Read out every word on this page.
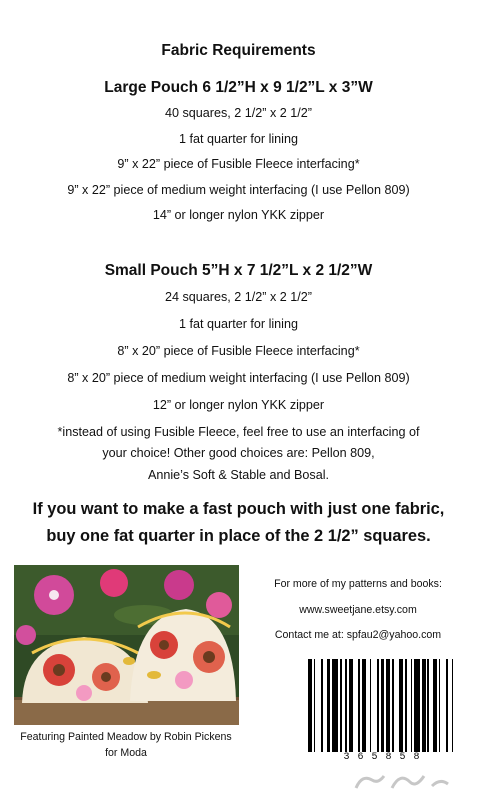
Fabric Requirements
Large Pouch 6 1/2”H x 9 1/2”L x 3”W
40 squares, 2 1/2” x 2 1/2”
1 fat quarter for lining
9” x 22” piece of Fusible Fleece interfacing*
9” x 22” piece of medium weight interfacing (I use Pellon 809)
14” or longer nylon YKK zipper
Small Pouch 5”H x 7 1/2”L x 2 1/2”W
24 squares, 2 1/2” x 2 1/2”
1 fat quarter for lining
8” x 20” piece of Fusible Fleece interfacing*
8” x 20” piece of medium weight interfacing (I use Pellon 809)
12” or longer nylon YKK zipper
*instead of using Fusible Fleece, feel free to use an interfacing of
your choice! Other good choices are: Pellon 809,
Annie’s Soft & Stable and Bosal.
If you want to make a fast pouch with just one fabric,
buy one fat quarter in place of the 2 1/2” squares.
Featuring Painted Meadow by Robin Pickens
for Moda
For more of my patterns and books:
www.sweetjane.etsy.com
Contact me at: spfau2@yahoo.com
3 6 5 8 5 8
